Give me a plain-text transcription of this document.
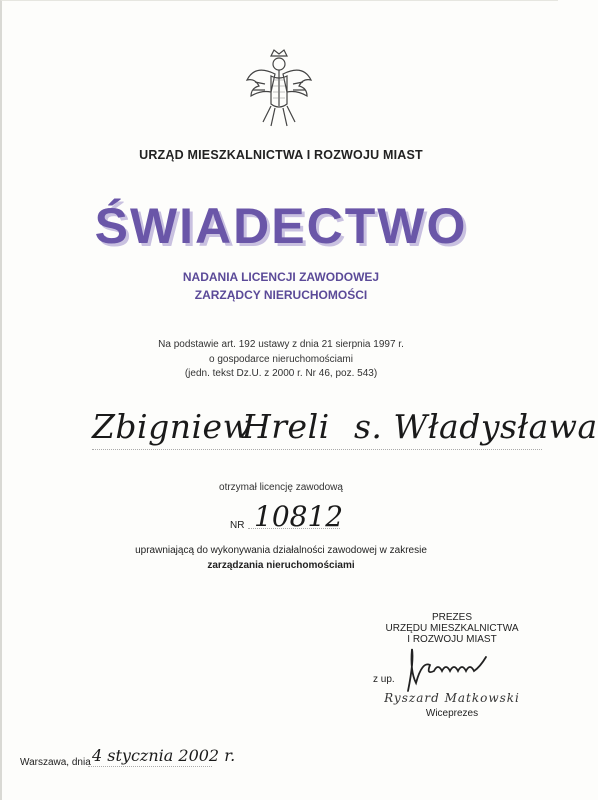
URZĄD MIESZKALNICTWA I ROZWOJU MIAST
ŚWIADECTWO
NADANIA LICENCJI ZAWODOWEJ
ZARZĄDCY NIERUCHOMOŚCI
Na podstawie art. 192 ustawy z dnia 21 sierpnia 1997 r.
o gospodarce nieruchomościami
(jedn. tekst Dz.U. z 2000 r. Nr 46, poz. 543)
Zbigniew
Hreli s. Władysława
otrzymał licencję zawodową
NR 10812
uprawniającą do wykonywania działalności zawodowej w zakresie
zarządzania nieruchomościami
PREZES
URZĘDU MIESZKALNICTWA
I ROZWOJU MIAST
z up.
Ryszard Matkowski
Wiceprezes
Warszawa, dnia 4 stycznia 2002 r.
